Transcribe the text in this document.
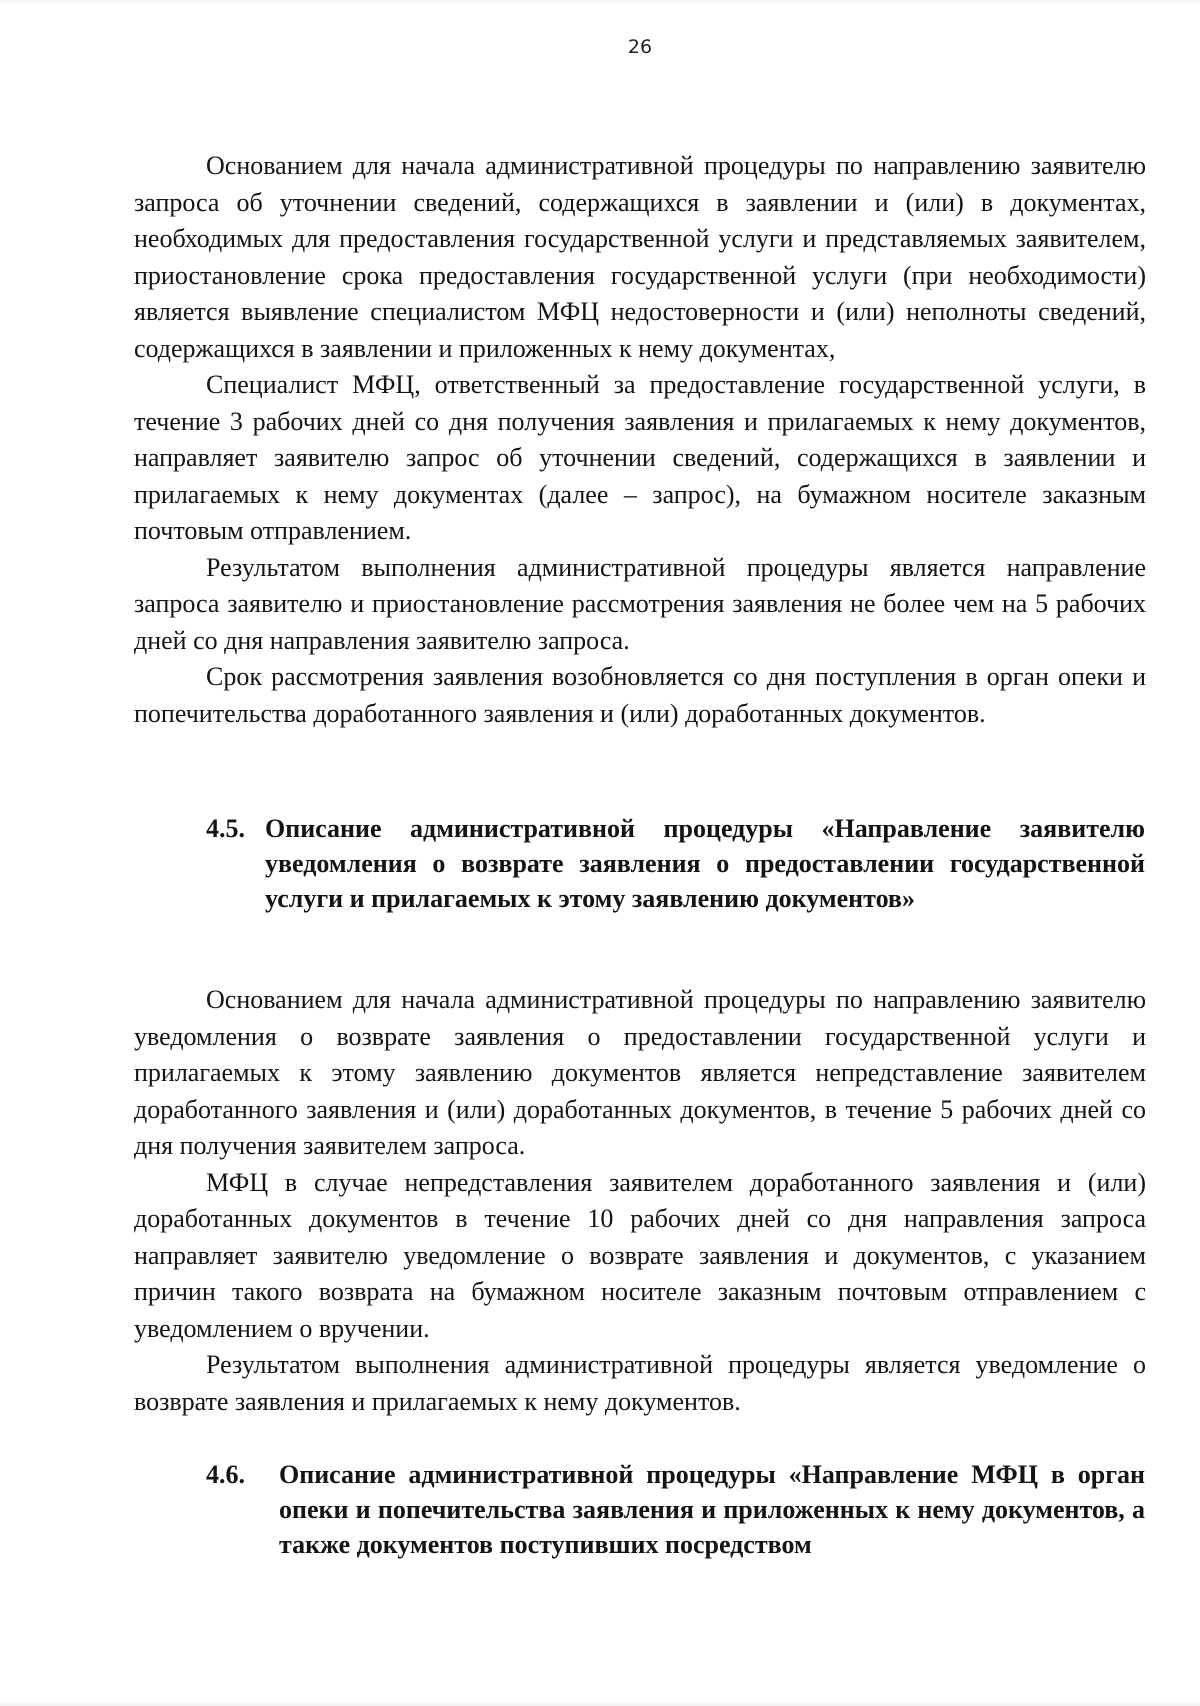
26

Основанием для начала административной процедуры по направлению заявителю запроса об уточнении сведений, содержащихся в заявлении и (или) в документах, необходимых для предоставления государственной услуги и представляемых заявителем, приостановление срока предоставления государственной услуги (при необходимости) является выявление специалистом МФЦ недостоверности и (или) неполноты сведений, содержащихся в заявлении и приложенных к нему документах,

Специалист МФЦ, ответственный за предоставление государственной услуги, в течение 3 рабочих дней со дня получения заявления и прилагаемых к нему документов, направляет заявителю запрос об уточнении сведений, содержащихся в заявлении и прилагаемых к нему документах (далее – запрос), на бумажном носителе заказным почтовым отправлением.

Результатом выполнения административной процедуры является направление запроса заявителю и приостановление рассмотрения заявления не более чем на 5 рабочих дней со дня направления заявителю запроса.

Срок рассмотрения заявления возобновляется со дня поступления в орган опеки и попечительства доработанного заявления и (или) доработанных документов.

4.5. Описание административной процедуры «Направление заявителю уведомления о возврате заявления о предоставлении государственной услуги и прилагаемых к этому заявлению документов»

Основанием для начала административной процедуры по направлению заявителю уведомления о возврате заявления о предоставлении государственной услуги и прилагаемых к этому заявлению документов является непредставление заявителем доработанного заявления и (или) доработанных документов, в течение 5 рабочих дней со дня получения заявителем запроса.

МФЦ в случае непредставления заявителем доработанного заявления и (или) доработанных документов в течение 10 рабочих дней со дня направления запроса направляет заявителю уведомление о возврате заявления и документов, с указанием причин такого возврата на бумажном носителе заказным почтовым отправлением с уведомлением о вручении.

Результатом выполнения административной процедуры является уведомление о возврате заявления и прилагаемых к нему документов.

4.6. Описание административной процедуры «Направление МФЦ в орган опеки и попечительства заявления и приложенных к нему документов, а также документов поступивших посредством
